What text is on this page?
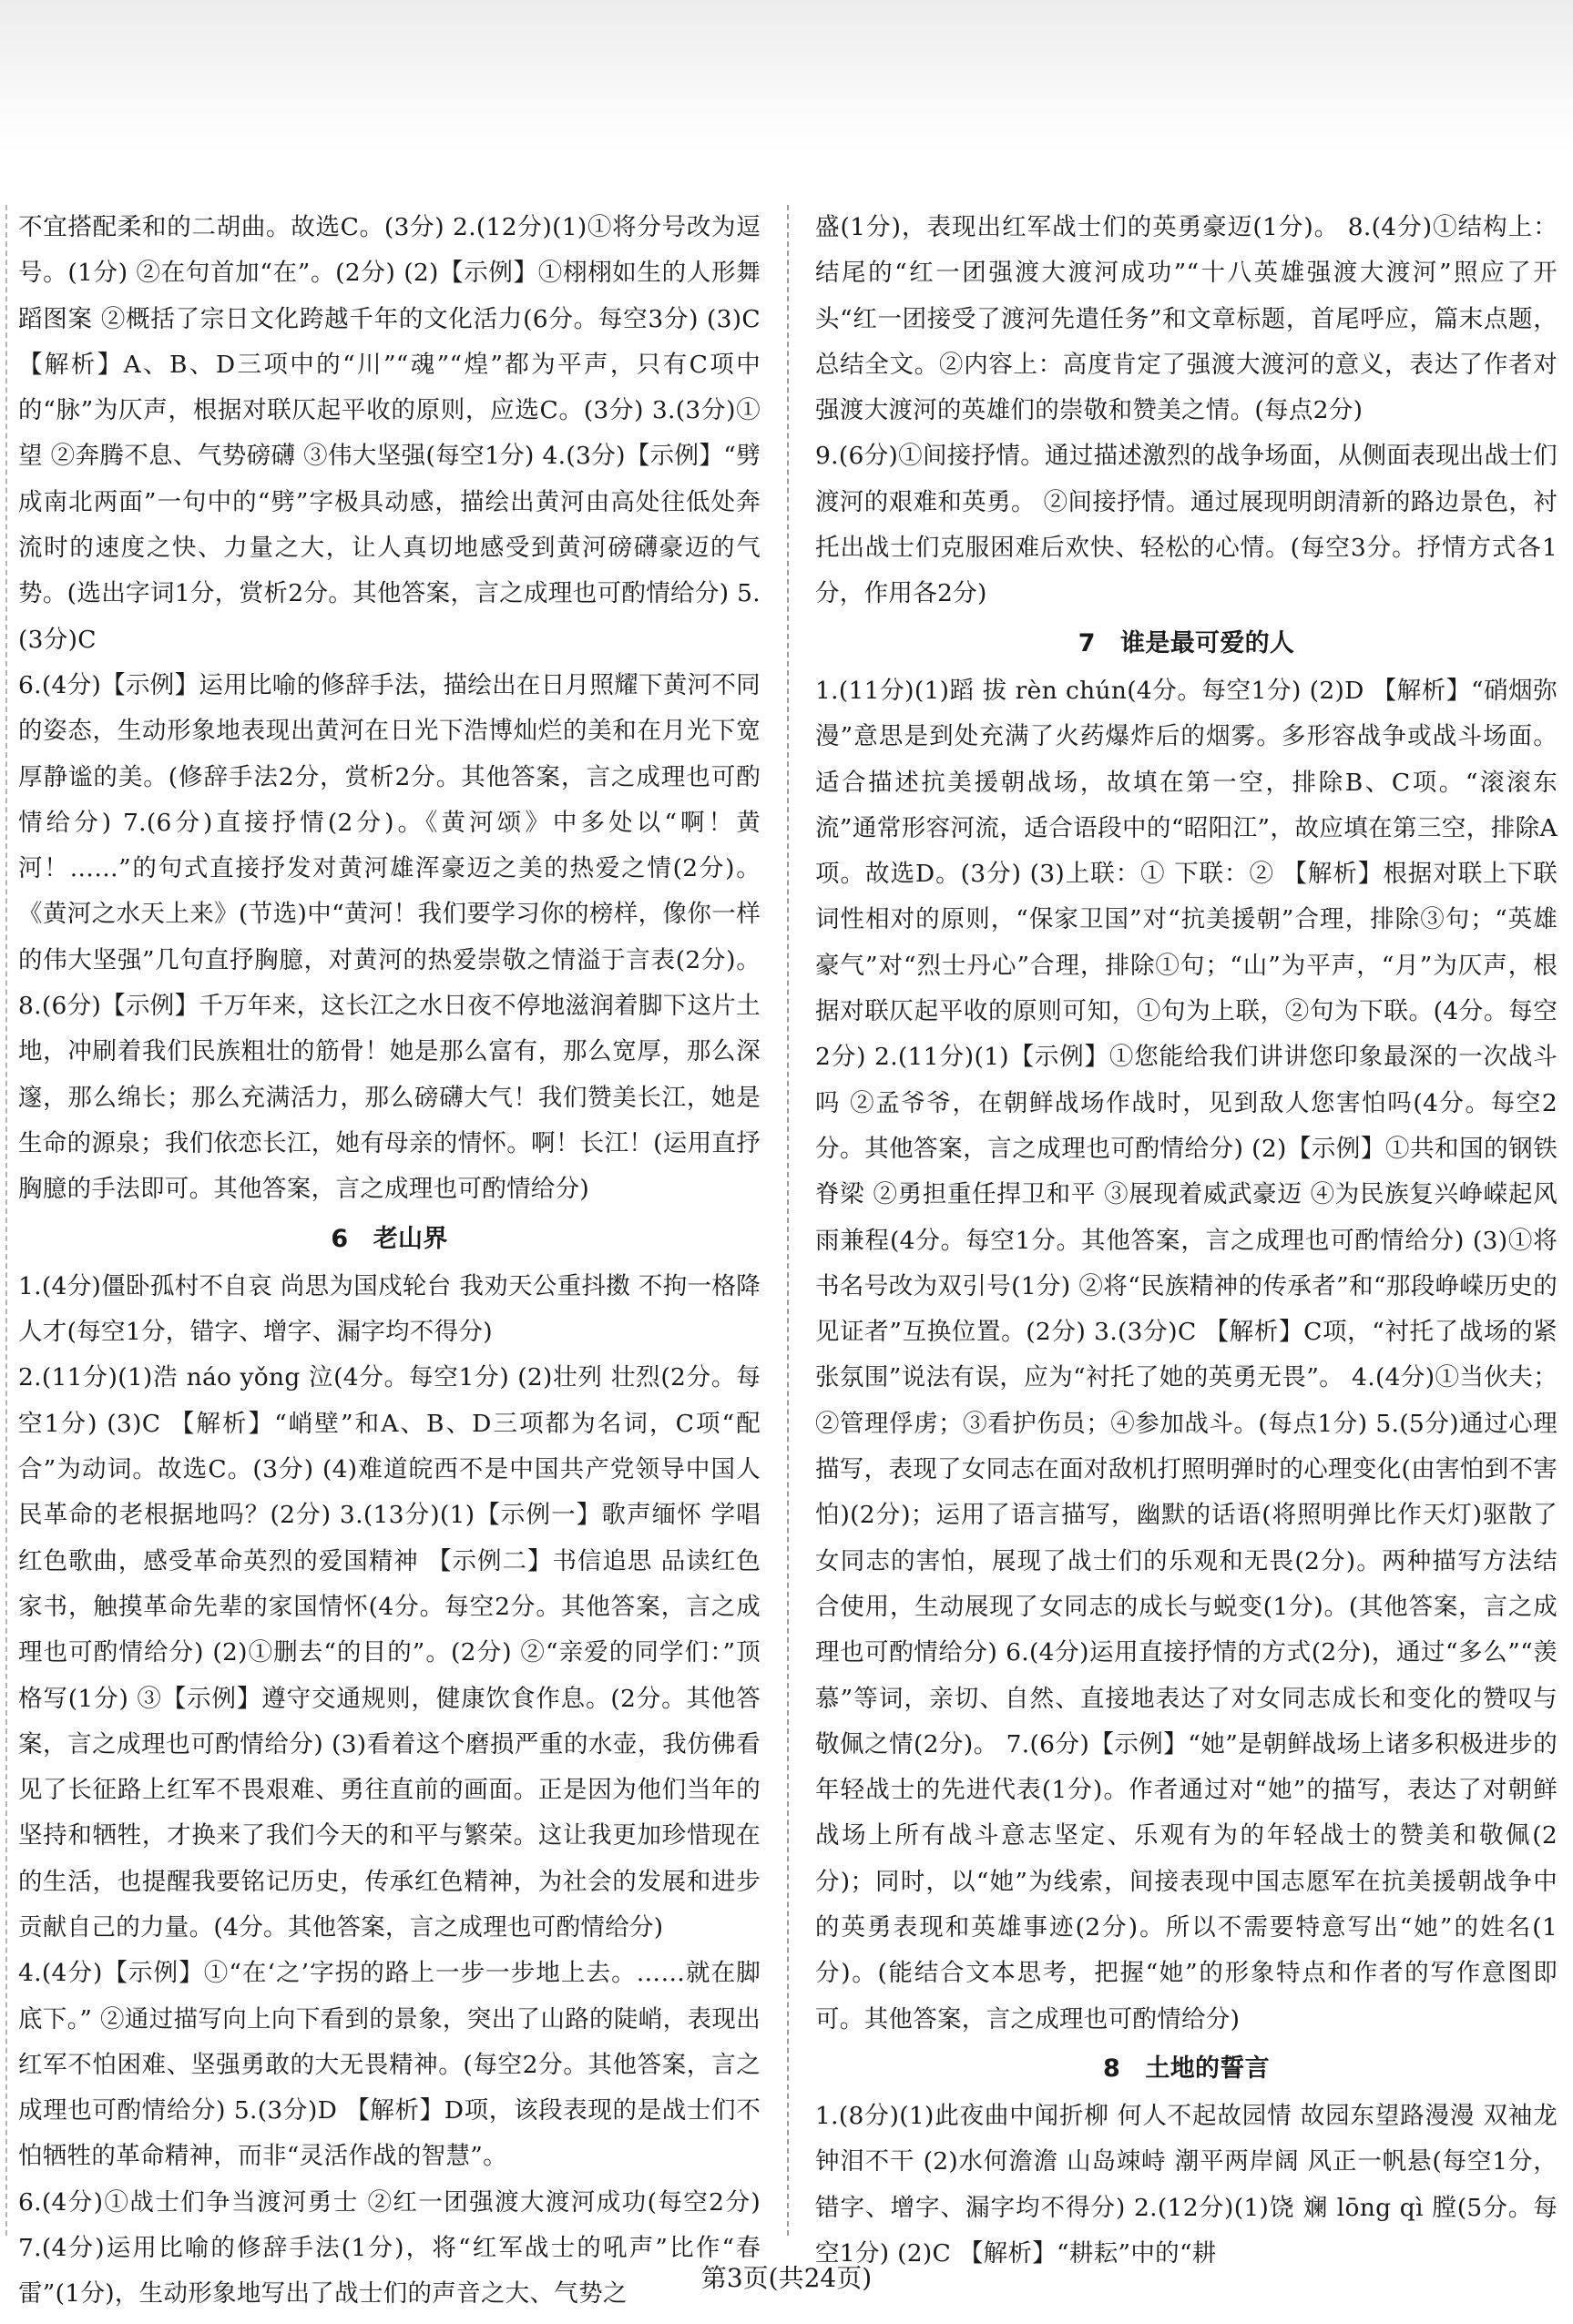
不宜搭配柔和的二胡曲。故选C。(3分) 2.(12分)(1)①将分号改为逗号。(1分) ②在句首加“在”。(2分) (2)【示例】①栩栩如生的人形舞蹈图案 ②概括了宗日文化跨越千年的文化活力(6分。每空3分) (3)C 【解析】A、B、D三项中的“川”“魂”“煌”都为平声，只有C项中的“脉”为仄声，根据对联仄起平收的原则，应选C。(3分) 3.(3分)①望 ②奔腾不息、气势磅礴 ③伟大坚强(每空1分) 4.(3分)【示例】“劈成南北两面”一句中的“劈”字极具动感，描绘出黄河由高处往低处奔流时的速度之快、力量之大，让人真切地感受到黄河磅礴豪迈的气势。(选出字词1分，赏析2分。其他答案，言之成理也可酌情给分) 5.(3分)C

6.(4分)【示例】运用比喻的修辞手法，描绘出在日月照耀下黄河不同的姿态，生动形象地表现出黄河在日光下浩博灿烂的美和在月光下宽厚静谧的美。(修辞手法2分，赏析2分。其他答案，言之成理也可酌情给分) 7.(6分)直接抒情(2分)。《黄河颂》中多处以“啊！黄河！……”的句式直接抒发对黄河雄浑豪迈之美的热爱之情(2分)。《黄河之水天上来》(节选)中“黄河！我们要学习你的榜样，像你一样的伟大坚强”几句直抒胸臆，对黄河的热爱崇敬之情溢于言表(2分)。 8.(6分)【示例】千万年来，这长江之水日夜不停地滋润着脚下这片土地，冲刷着我们民族粗壮的筋骨！她是那么富有，那么宽厚，那么深邃，那么绵长；那么充满活力，那么磅礴大气！我们赞美长江，她是生命的源泉；我们依恋长江，她有母亲的情怀。啊！长江！(运用直抒胸臆的手法即可。其他答案，言之成理也可酌情给分)

6　老山界

1.(4分)僵卧孤村不自哀 尚思为国戍轮台 我劝天公重抖擞 不拘一格降人才(每空1分，错字、增字、漏字均不得分)

2.(11分)(1)浩 náo yǒng 泣(4分。每空1分) (2)壮列 壮烈(2分。每空1分) (3)C 【解析】“峭壁”和A、B、D三项都为名词，C项“配合”为动词。故选C。(3分) (4)难道皖西不是中国共产党领导中国人民革命的老根据地吗？(2分) 3.(13分)(1)【示例一】歌声缅怀 学唱红色歌曲，感受革命英烈的爱国精神 【示例二】书信追思 品读红色家书，触摸革命先辈的家国情怀(4分。每空2分。其他答案，言之成理也可酌情给分) (2)①删去“的目的”。(2分) ②“亲爱的同学们：”顶格写(1分) ③【示例】遵守交通规则，健康饮食作息。(2分。其他答案，言之成理也可酌情给分) (3)看着这个磨损严重的水壶，我仿佛看见了长征路上红军不畏艰难、勇往直前的画面。正是因为他们当年的坚持和牺牲，才换来了我们今天的和平与繁荣。这让我更加珍惜现在的生活，也提醒我要铭记历史，传承红色精神，为社会的发展和进步贡献自己的力量。(4分。其他答案，言之成理也可酌情给分)

4.(4分)【示例】①“在‘之’字拐的路上一步一步地上去。……就在脚底下。” ②通过描写向上向下看到的景象，突出了山路的陡峭，表现出红军不怕困难、坚强勇敢的大无畏精神。(每空2分。其他答案，言之成理也可酌情给分) 5.(3分)D 【解析】D项，该段表现的是战士们不怕牺牲的革命精神，而非“灵活作战的智慧”。

6.(4分)①战士们争当渡河勇士 ②红一团强渡大渡河成功(每空2分) 7.(4分)运用比喻的修辞手法(1分)，将“红军战士的吼声”比作“春雷”(1分)，生动形象地写出了战士们的声音之大、气势之

盛(1分)，表现出红军战士们的英勇豪迈(1分)。 8.(4分)①结构上：结尾的“红一团强渡大渡河成功”“十八英雄强渡大渡河”照应了开头“红一团接受了渡河先遣任务”和文章标题，首尾呼应，篇末点题，总结全文。②内容上：高度肯定了强渡大渡河的意义，表达了作者对强渡大渡河的英雄们的崇敬和赞美之情。(每点2分)

9.(6分)①间接抒情。通过描述激烈的战争场面，从侧面表现出战士们渡河的艰难和英勇。 ②间接抒情。通过展现明朗清新的路边景色，衬托出战士们克服困难后欢快、轻松的心情。(每空3分。抒情方式各1分，作用各2分)

7　谁是最可爱的人

1.(11分)(1)蹈 拔 rèn chún(4分。每空1分) (2)D 【解析】“硝烟弥漫”意思是到处充满了火药爆炸后的烟雾。多形容战争或战斗场面。适合描述抗美援朝战场，故填在第一空，排除B、C项。“滚滚东流”通常形容河流，适合语段中的“昭阳江”，故应填在第三空，排除A项。故选D。(3分) (3)上联：① 下联：② 【解析】根据对联上下联词性相对的原则，“保家卫国”对“抗美援朝”合理，排除③句；“英雄豪气”对“烈士丹心”合理，排除①句；“山”为平声，“月”为仄声，根据对联仄起平收的原则可知，①句为上联，②句为下联。(4分。每空2分) 2.(11分)(1)【示例】①您能给我们讲讲您印象最深的一次战斗吗 ②孟爷爷，在朝鲜战场作战时，见到敌人您害怕吗(4分。每空2分。其他答案，言之成理也可酌情给分) (2)【示例】①共和国的钢铁脊梁 ②勇担重任捍卫和平 ③展现着威武豪迈 ④为民族复兴峥嵘起风雨兼程(4分。每空1分。其他答案，言之成理也可酌情给分) (3)①将书名号改为双引号(1分) ②将“民族精神的传承者”和“那段峥嵘历史的见证者”互换位置。(2分) 3.(3分)C 【解析】C项，“衬托了战场的紧张氛围”说法有误，应为“衬托了她的英勇无畏”。 4.(4分)①当伙夫；②管理俘虏；③看护伤员；④参加战斗。(每点1分) 5.(5分)通过心理描写，表现了女同志在面对敌机打照明弹时的心理变化(由害怕到不害怕)(2分)；运用了语言描写，幽默的话语(将照明弹比作天灯)驱散了女同志的害怕，展现了战士们的乐观和无畏(2分)。两种描写方法结合使用，生动展现了女同志的成长与蜕变(1分)。(其他答案，言之成理也可酌情给分) 6.(4分)运用直接抒情的方式(2分)，通过“多么”“羡慕”等词，亲切、自然、直接地表达了对女同志成长和变化的赞叹与敬佩之情(2分)。 7.(6分)【示例】“她”是朝鲜战场上诸多积极进步的年轻战士的先进代表(1分)。作者通过对“她”的描写，表达了对朝鲜战场上所有战斗意志坚定、乐观有为的年轻战士的赞美和敬佩(2分)；同时，以“她”为线索，间接表现中国志愿军在抗美援朝战争中的英勇表现和英雄事迹(2分)。所以不需要特意写出“她”的姓名(1分)。(能结合文本思考，把握“她”的形象特点和作者的写作意图即可。其他答案，言之成理也可酌情给分)

8　土地的誓言

1.(8分)(1)此夜曲中闻折柳 何人不起故园情 故园东望路漫漫 双袖龙钟泪不干 (2)水何澹澹 山岛竦峙 潮平两岸阔 风正一帆悬(每空1分，错字、增字、漏字均不得分) 2.(12分)(1)饶 斓 lōng qì 膛(5分。每空1分) (2)C 【解析】“耕耘”中的“耕

第3页(共24页)
